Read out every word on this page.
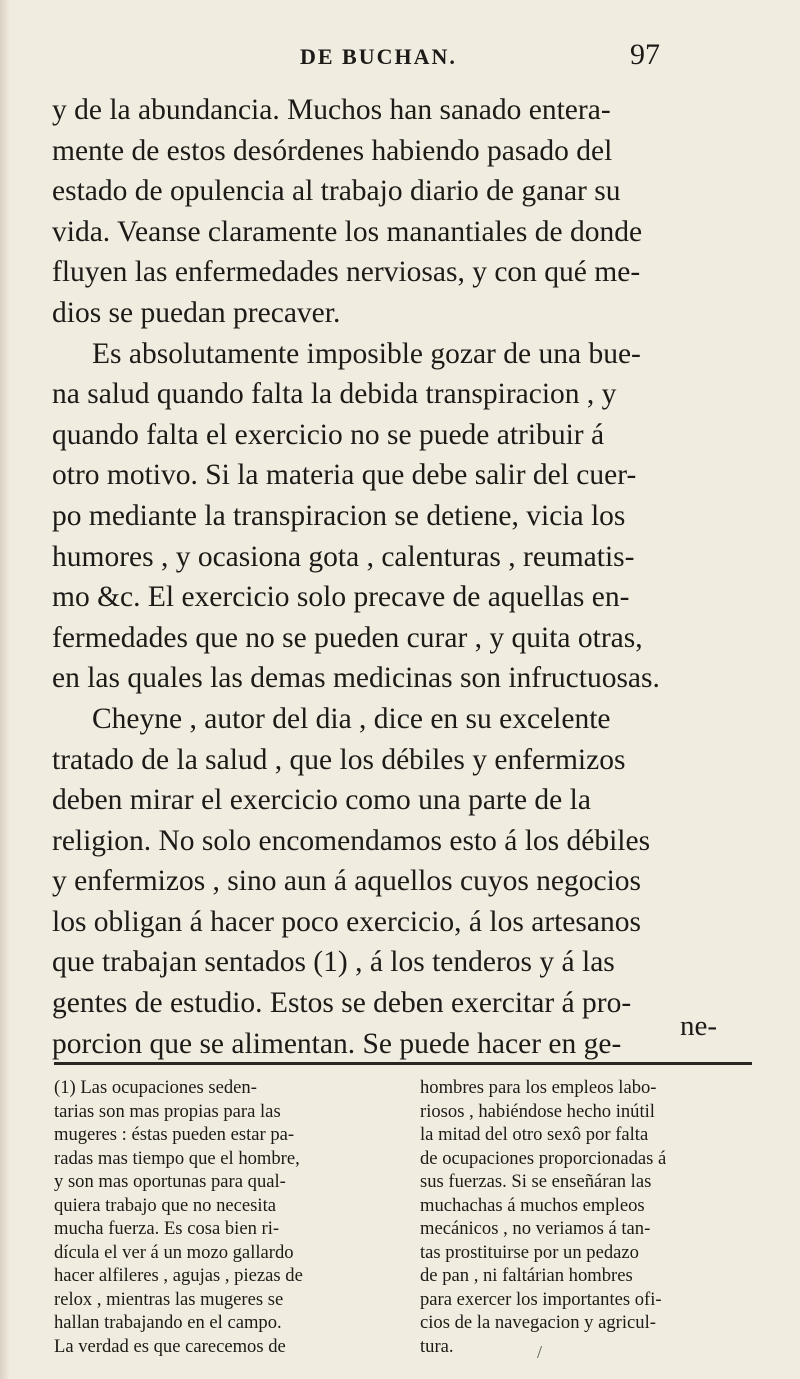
DE BUCHAN.	97
y de la abundancia. Muchos han sanado entera-
mente de estos desórdenes habiendo pasado del
estado de opulencia al trabajo diario de ganar su
vida. Veanse claramente los manantiales de donde
fluyen las enfermedades nerviosas, y con qué me-
dios se puedan precaver.
Es absolutamente imposible gozar de una bue-
na salud quando falta la debida transpiracion , y
quando falta el exercicio no se puede atribuir á
otro motivo. Si la materia que debe salir del cuer-
po mediante la transpiracion se detiene, vicia los
humores , y ocasiona gota , calenturas , reumatis-
mo &c. El exercicio solo precave de aquellas en-
fermedades que no se pueden curar , y quita otras,
en las quales las demas medicinas son infructuosas.
Cheyne , autor del dia , dice en su excelente
tratado de la salud , que los débiles y enfermizos
deben mirar el exercicio como una parte de la
religion. No solo encomendamos esto á los débiles
y enfermizos , sino aun á aquellos cuyos negocios
los obligan á hacer poco exercicio, á los artesanos
que trabajan sentados (1) , á los tenderos y á las
gentes de estudio. Estos se deben exercitar á pro-
porcion que se alimentan. Se puede hacer en ge-
ne-
(1) Las ocupaciones seden-
tarias son mas propias para las
mugeres : éstas pueden estar pa-
radas mas tiempo que el hombre,
y son mas oportunas para qual-
quiera trabajo que no necesita
mucha fuerza. Es cosa bien ri-
dícula el ver á un mozo gallardo
hacer alfileres , agujas , piezas de
relox , mientras las mugeres se
hallan trabajando en el campo.
La verdad es que carecemos de
hombres para los empleos labo-
riosos , habiéndose hecho inútil
la mitad del otro sexô por falta
de ocupaciones proporcionadas á
sus fuerzas. Si se enseñáran las
muchachas á muchos empleos
mecánicos , no veriamos á tan-
tas prostituirse por un pedazo
de pan , ni faltárian hombres
para exercer los importantes ofi-
cios de la navegacion y agricul-
tura.	/
